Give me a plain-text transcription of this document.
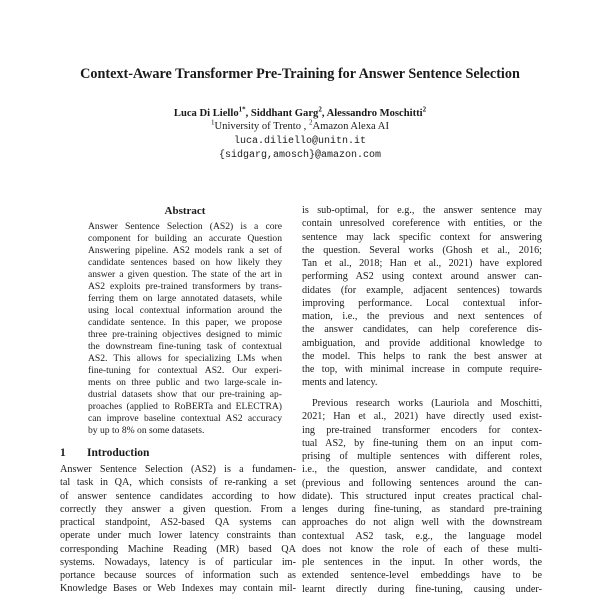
Context-Aware Transformer Pre-Training for Answer Sentence Selection
Luca Di Liello$^{1*}$, Siddhant Garg$^2$, Alessandro Moschitti$^2$
$^1$University of Trento , $^2$Amazon Alexa AI
luca.diliello@unitn.it
{sidgarg,amosch}@amazon.com
Abstract
Answer Sentence Selection (AS2) is a core
component for building an accurate Question
Answering pipeline. AS2 models rank a set of
candidate sentences based on how likely they
answer a given question. The state of the art in
AS2 exploits pre-trained transformers by trans-
ferring them on large annotated datasets, while
using local contextual information around the
candidate sentence. In this paper, we propose
three pre-training objectives designed to mimic
the downstream fine-tuning task of contextual
AS2. This allows for specializing LMs when
fine-tuning for contextual AS2. Our experi-
ments on three public and two large-scale in-
dustrial datasets show that our pre-training ap-
proaches (applied to RoBERTa and ELECTRA)
can improve baseline contextual AS2 accuracy
by up to 8% on some datasets.
1 Introduction
Answer Sentence Selection (AS2) is a fundamen-
tal task in QA, which consists of re-ranking a set
of answer sentence candidates according to how
correctly they answer a given question. From a
practical standpoint, AS2-based QA systems can
operate under much lower latency constraints than
corresponding Machine Reading (MR) based QA
systems. Nowadays, latency is of particular im-
portance because sources of information such as
Knowledge Bases or Web Indexes may contain mil-
is sub-optimal, for e.g., the answer sentence may
contain unresolved coreference with entities, or the
sentence may lack specific context for answering
the question. Several works (Ghosh et al., 2016;
Tan et al., 2018; Han et al., 2021) have explored
performing AS2 using context around answer can-
didates (for example, adjacent sentences) towards
improving performance. Local contextual infor-
mation, i.e., the previous and next sentences of
the answer candidates, can help coreference dis-
ambiguation, and provide additional knowledge to
the model. This helps to rank the best answer at
the top, with minimal increase in compute require-
ments and latency.
Previous research works (Lauriola and Moschitti,
2021; Han et al., 2021) have directly used exist-
ing pre-trained transformer encoders for contex-
tual AS2, by fine-tuning them on an input com-
prising of multiple sentences with different roles,
i.e., the question, answer candidate, and context
(previous and following sentences around the can-
didate). This structured input creates practical chal-
lenges during fine-tuning, as standard pre-training
approaches do not align well with the downstream
contextual AS2 task, e.g., the language model
does not know the role of each of these multi-
ple sentences in the input. In other words, the
extended sentence-level embeddings have to be
learnt directly during fine-tuning, causing under-
